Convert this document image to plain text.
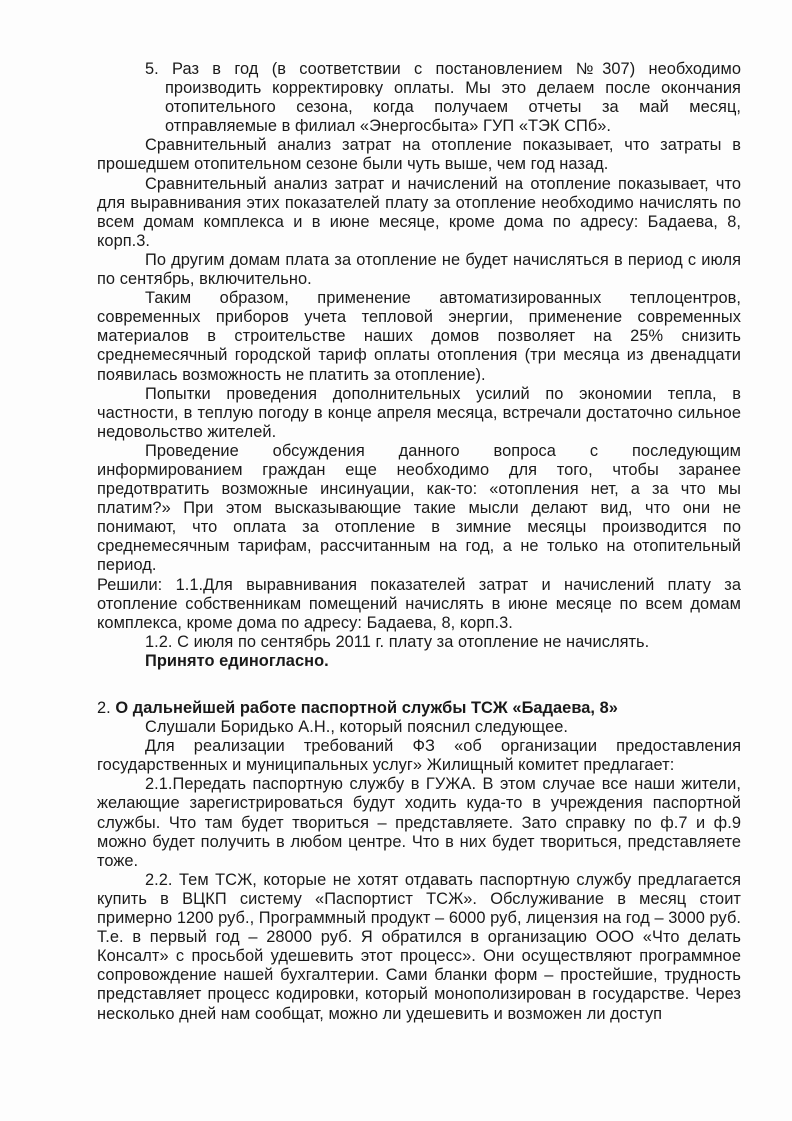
5. Раз в год (в соответствии с постановлением №307) необходимо производить корректировку оплаты. Мы это делаем после окончания отопительного сезона, когда получаем отчеты за май месяц, отправляемые в филиал «Энергосбыта» ГУП «ТЭК СПб».

Сравнительный анализ затрат на отопление показывает, что затраты в прошедшем отопительном сезоне были чуть выше, чем год назад.

Сравнительный анализ затрат и начислений на отопление показывает, что для выравнивания этих показателей плату за отопление необходимо начислять по всем домам комплекса и в июне месяце, кроме дома по адресу: Бадаева, 8, корп.3.

По другим домам плата за отопление не будет начисляться в период с июля по сентябрь, включительно.

Таким образом, применение автоматизированных теплоцентров, современных приборов учета тепловой энергии, применение современных материалов в строительстве наших домов позволяет на 25% снизить среднемесячный городской тариф оплаты отопления (три месяца из двенадцати появилась возможность не платить за отопление).

Попытки проведения дополнительных усилий по экономии тепла, в частности, в теплую погоду в конце апреля месяца, встречали достаточно сильное недовольство жителей.

Проведение обсуждения данного вопроса с последующим информированием граждан еще необходимо для того, чтобы заранее предотвратить возможные инсинуации, как-то: «отопления нет, а за что мы платим?» При этом высказывающие такие мысли делают вид, что они не понимают, что оплата за отопление в зимние месяцы производится по среднемесячным тарифам, рассчитанным на год, а не только на отопительный период.

Решили: 1.1.Для выравнивания показателей затрат и начислений плату за отопление собственникам помещений начислять в июне месяце по всем домам комплекса, кроме дома по адресу: Бадаева, 8, корп.3.

1.2. С июля по сентябрь 2011 г. плату за отопление не начислять.

Принято единогласно.

2. О дальнейшей работе паспортной службы ТСЖ «Бадаева, 8»

Слушали Боридько А.Н., который пояснил следующее.

Для реализации требований ФЗ «об организации предоставления государственных и муниципальных услуг» Жилищный комитет предлагает:

2.1.Передать паспортную службу в ГУЖА. В этом случае все наши жители, желающие зарегистрироваться будут ходить куда-то в учреждения паспортной службы. Что там будет твориться – представляете. Зато справку по ф.7 и ф.9 можно будет получить в любом центре. Что в них будет твориться, представляете тоже.

2.2. Тем ТСЖ, которые не хотят отдавать паспортную службу предлагается купить в ВЦКП систему «Паспортист ТСЖ». Обслуживание в месяц стоит примерно 1200 руб., Программный продукт – 6000 руб, лицензия на год – 3000 руб. Т.е. в первый год – 28000 руб. Я обратился в организацию ООО «Что делать Консалт» с просьбой удешевить этот процесс». Они осуществляют программное сопровождение нашей бухгалтерии. Сами бланки форм – простейшие, трудность представляет процесс кодировки, который монополизирован в государстве. Через несколько дней нам сообщат, можно ли удешевить и возможен ли доступ
